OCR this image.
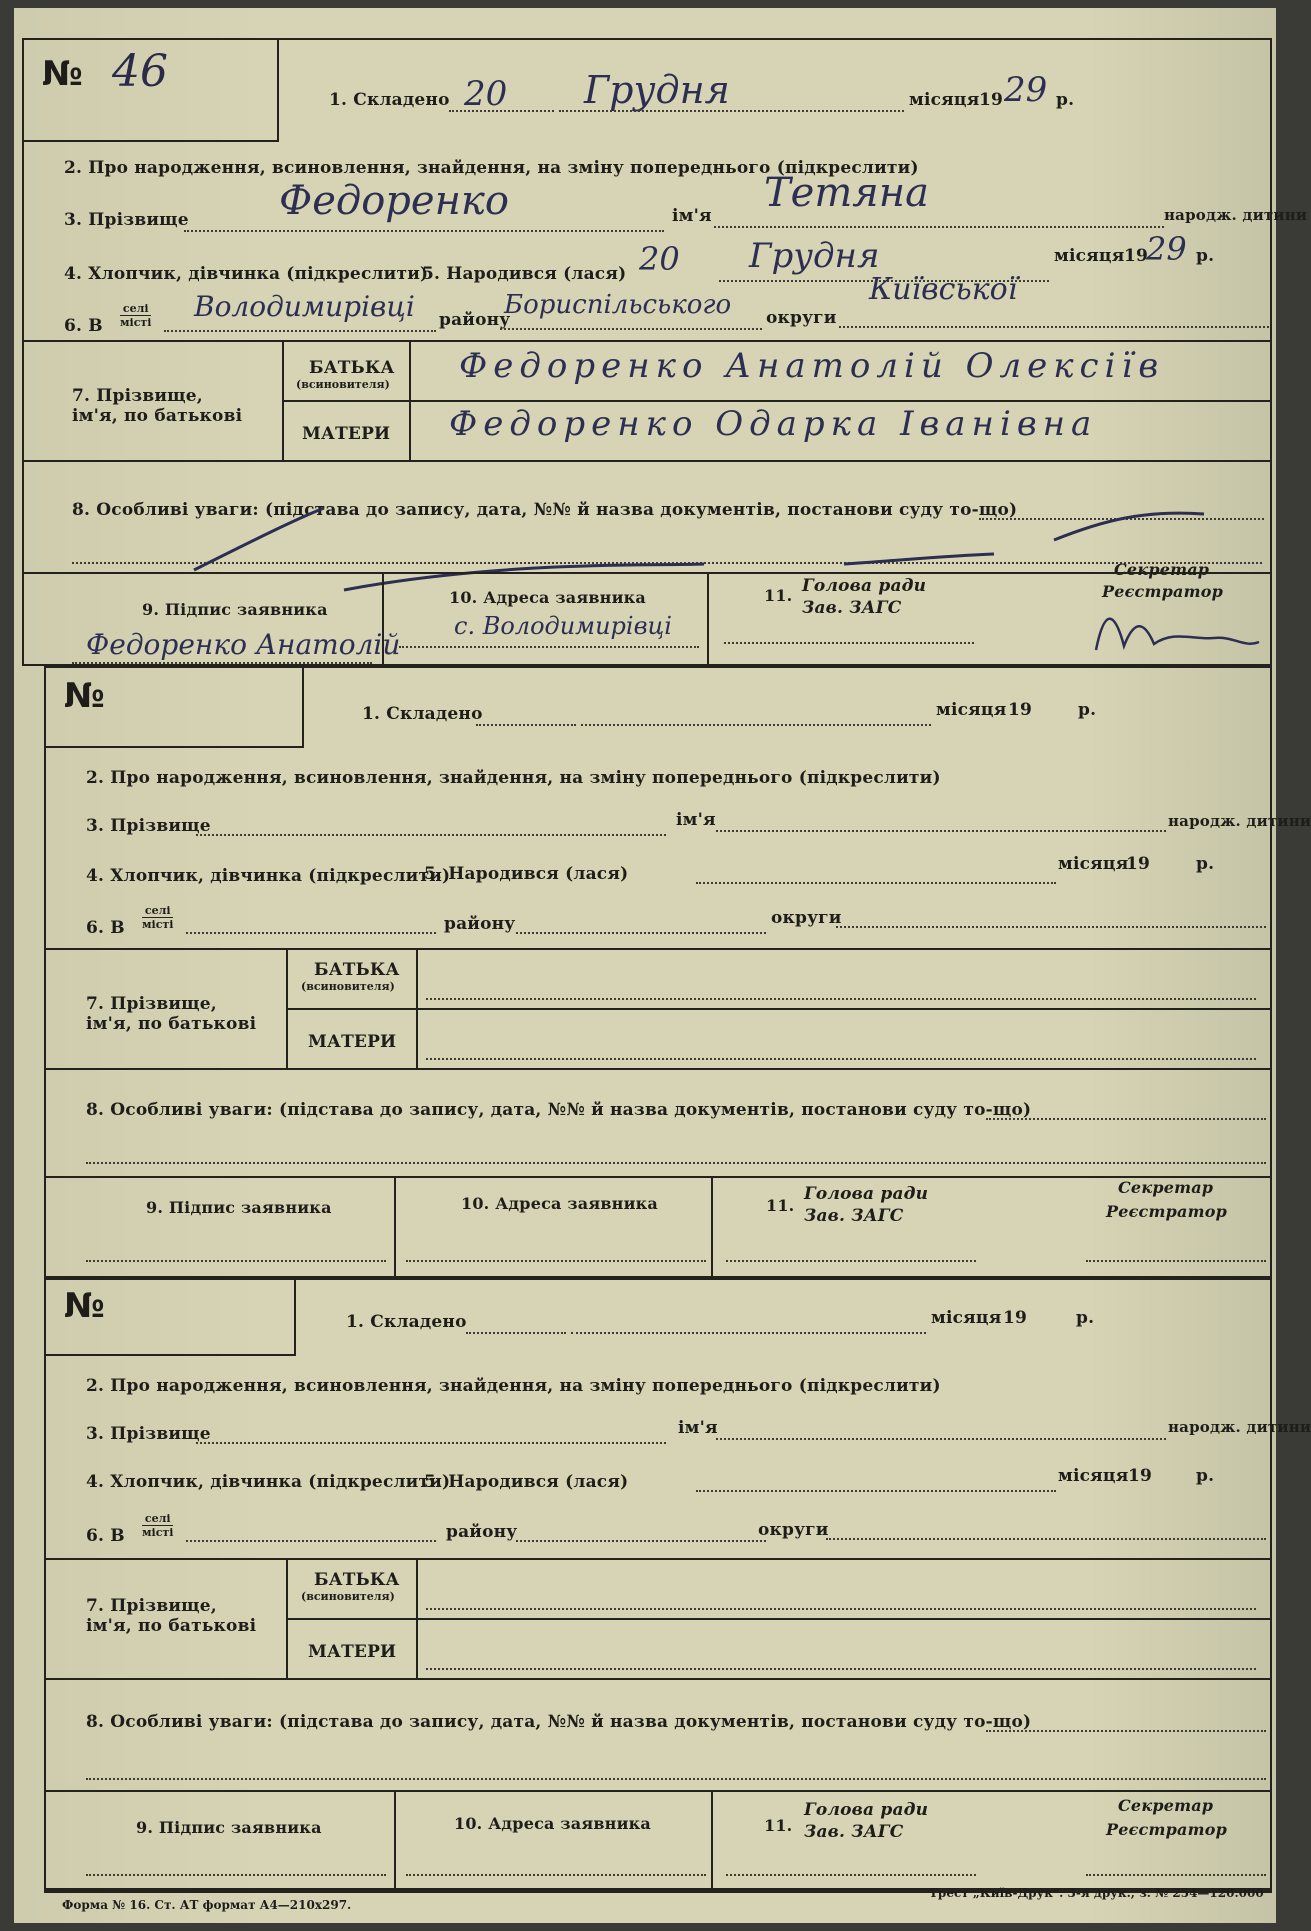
№ 46
1. Складено 20 Грудня	місяця 19 29 р.
2. Про народження, всиновлення, знайдення, на зміну попереднього (підкреслити)
3. Прізвище Федоренко	ім'я Тетяна	народж. дитини
4. Хлопчик, дівчинка (підкреслити)
5. Народився (лася) 20 Грудня	місяця 19
29 р.
6. В
селі
місті Володимирівці району
Бориспільського округи
Київської
7. Прізвище, ім'я, по батькові
БАТЬКА
(всиновителя) Федоренко Анатолій Олексіїв
МАТЕРИ Федоренко Одарка Іванівна
8. Особливі уваги: (підстава до запису, дата, №№ й назва документів, постанови суду то-що)
9. Підпис заявника
Федоренко Анатолій
10. Адреса заявника
с. Володимирівці
11. Голова ради
Зав. ЗАГС
Секретар
Реєстратор
№	1. Складено	місяця 19	р.
2. Про народження, всиновлення, знайдення, на зміну попереднього (підкреслити)
3. Прізвище	ім'я	народж. дитини
4. Хлопчик, дівчинка (підкреслити)
5. Народився (лася)	місяця
19	р.
6. В
селі
місті	району	округи
7. Прізвище, ім'я, по батькові
БАТЬКА
(всиновителя)
МАТЕРИ
8. Особливі уваги: (підстава до запису, дата, №№ й назва документів, постанови суду то-що)
9. Підпис заявника	10. Адреса заявника	11.
Голова ради
Зав. ЗАГС
Секретар
Реєстратор
№	1. Складено	місяця 19	р.
2. Про народження, всиновлення, знайдення, на зміну попереднього (підкреслити)
3. Прізвище	ім'я	народж. дитини
4. Хлопчик, дівчинка (підкреслити)
5. Народився (лася)	місяця 19	р.
6. В
селі
місті	району	округи
7. Прізвище, ім'я, по батькові
БАТЬКА
(всиновителя)
МАТЕРИ
8. Особливі уваги: (підстава до запису, дата, №№ й назва документів, постанови суду то-що)
9. Підпис заявника	10. Адреса заявника	11.
Голова ради
Зав. ЗАГС
Секретар
Реєстратор
Форма № 16. Ст. АТ формат А4—210х297.
Трест „Київ-Друк". 3-я друк., з. № 254—120.000
